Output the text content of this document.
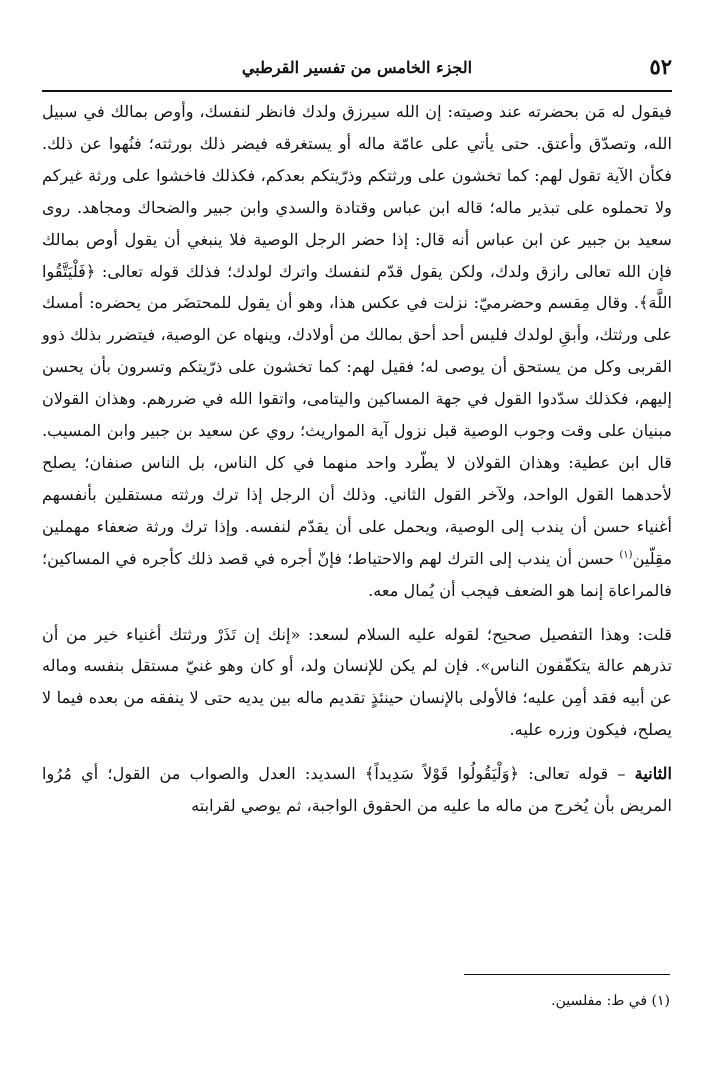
٥٢
الجزء الخامس من تفسير القرطبي

فيقول له مَن بحضرته عند وصيته: إن الله سيرزق ولدك فانظر لنفسك، وأوص بمالك في سبيل الله، وتصدّق وأعتق. حتى يأتي على عامّة ماله أو يستغرقه فيضر ذلك بورثته؛ فنُهوا عن ذلك. فكأن الآية تقول لهم: كما تخشون على ورثتكم وذرّيتكم بعدكم، فكذلك فاخشوا على ورثة غيركم ولا تحملوه على تبذير ماله؛ قاله ابن عباس وقتادة والسدي وابن جبير والضحاك ومجاهد. روى سعيد بن جبير عن ابن عباس أنه قال: إذا حضر الرجل الوصية فلا ينبغي أن يقول أوص بمالك فإن الله تعالى رازق ولدك، ولكن يقول قدّم لنفسك واترك لولدك؛ فذلك قوله تعالى: ﴿فَلْيَتَّقُوا اللَّهَ﴾. وقال مِقسم وحضرميّ: نزلت في عكس هذا، وهو أن يقول للمحتضَر من يحضره: أمسك على ورثتك، وأبقِ لولدك فليس أحد أحق بمالك من أولادك، وينهاه عن الوصية، فيتضرر بذلك ذوو القربى وكل من يستحق أن يوصى له؛ فقيل لهم: كما تخشون على ذرّيتكم وتسرون بأن يحسن إليهم، فكذلك سدّدوا القول في جهة المساكين واليتامى، واتقوا الله في ضررهم. وهذان القولان مبنيان على وقت وجوب الوصية قبل نزول آية المواريث؛ روي عن سعيد بن جبير وابن المسيب. قال ابن عطية: وهذان القولان لا يطّرد واحد منهما في كل الناس، بل الناس صنفان؛ يصلح لأحدهما القول الواحد، ولآخر القول الثاني. وذلك أن الرجل إذا ترك ورثته مستقلين بأنفسهم أغنياء حسن أن يندب إلى الوصية، ويحمل على أن يقدّم لنفسه. وإذا ترك ورثة ضعفاء مهملين مقِلّين$^{(١)}$ حسن أن يندب إلى الترك لهم والاحتياط؛ فإنّ أجره في قصد ذلك كأجره في المساكين؛ فالمراعاة إنما هو الضعف فيجب أن يُمال معه.

قلت: وهذا التفصيل صحيح؛ لقوله عليه السلام لسعد: «إنك إن تَذَرْ ورثتك أغنياء خير من أن تذرهم عالة يتكفّفون الناس». فإن لم يكن للإنسان ولد، أو كان وهو غنيّ مستقل بنفسه وماله عن أبيه فقد أمِن عليه؛ فالأولى بالإنسان حينئذٍ تقديم ماله بين يديه حتى لا ينفقه من بعده فيما لا يصلح، فيكون وزره عليه.

الثانية – قوله تعالى: ﴿وَلْيَقُولُوا قَوْلاً سَدِيداً﴾ السديد: العدل والصواب من القول؛ أي مُرُوا المريض بأن يُخرج من ماله ما عليه من الحقوق الواجبة، ثم يوصي لقرابته

(١) في ط: مفلسين.
